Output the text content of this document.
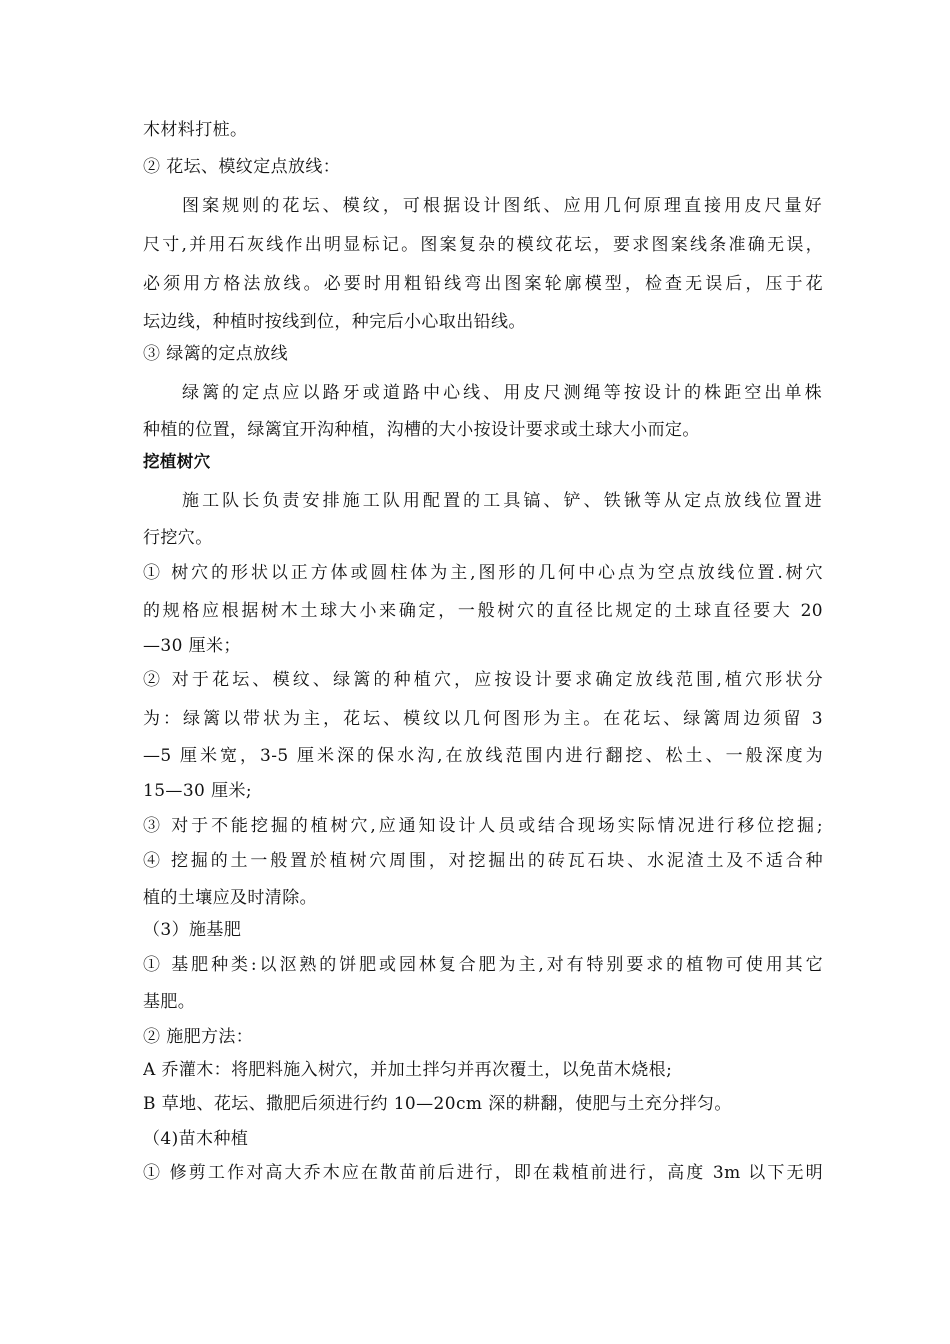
木材料打桩。
② 花坛、模纹定点放线：
图案规则的花坛、模纹，可根据设计图纸、应用几何原理直接用皮尺量好
尺寸,并用石灰线作出明显标记。图案复杂的模纹花坛，要求图案线条准确无误，
必须用方格法放线。必要时用粗铅线弯出图案轮廓模型，检查无误后，压于花
坛边线，种植时按线到位，种完后小心取出铅线。
③ 绿篱的定点放线
绿篱的定点应以路牙或道路中心线、用皮尺测绳等按设计的株距空出单株
种植的位置，绿篱宜开沟种植，沟槽的大小按设计要求或土球大小而定。
挖植树穴
施工队长负责安排施工队用配置的工具镐、铲、铁锹等从定点放线位置进
行挖穴。
① 树穴的形状以正方体或圆柱体为主,图形的几何中心点为空点放线位置.树穴
的规格应根据树木土球大小来确定，一般树穴的直径比规定的土球直径要大 20
—30 厘米；
② 对于花坛、模纹、绿篱的种植穴，应按设计要求确定放线范围,植穴形状分
为：绿篱以带状为主，花坛、模纹以几何图形为主。在花坛、绿篱周边须留 3
—5 厘米宽，3-5 厘米深的保水沟,在放线范围内进行翻挖、松土、一般深度为
15—30 厘米;
③ 对于不能挖掘的植树穴,应通知设计人员或结合现场实际情况进行移位挖掘;
④ 挖掘的土一般置於植树穴周围，对挖掘出的砖瓦石块、水泥渣土及不适合种
植的土壤应及时清除。
（3）施基肥
① 基肥种类:以沤熟的饼肥或园林复合肥为主,对有特别要求的植物可使用其它
基肥。
② 施肥方法：
A 乔灌木：将肥料施入树穴，并加土拌匀并再次覆土，以免苗木烧根;
B 草地、花坛、撒肥后须进行约 10—20cm 深的耕翻，使肥与土充分拌匀。
（4)苗木种植
① 修剪工作对高大乔木应在散苗前后进行，即在栽植前进行，高度 3m 以下无明
